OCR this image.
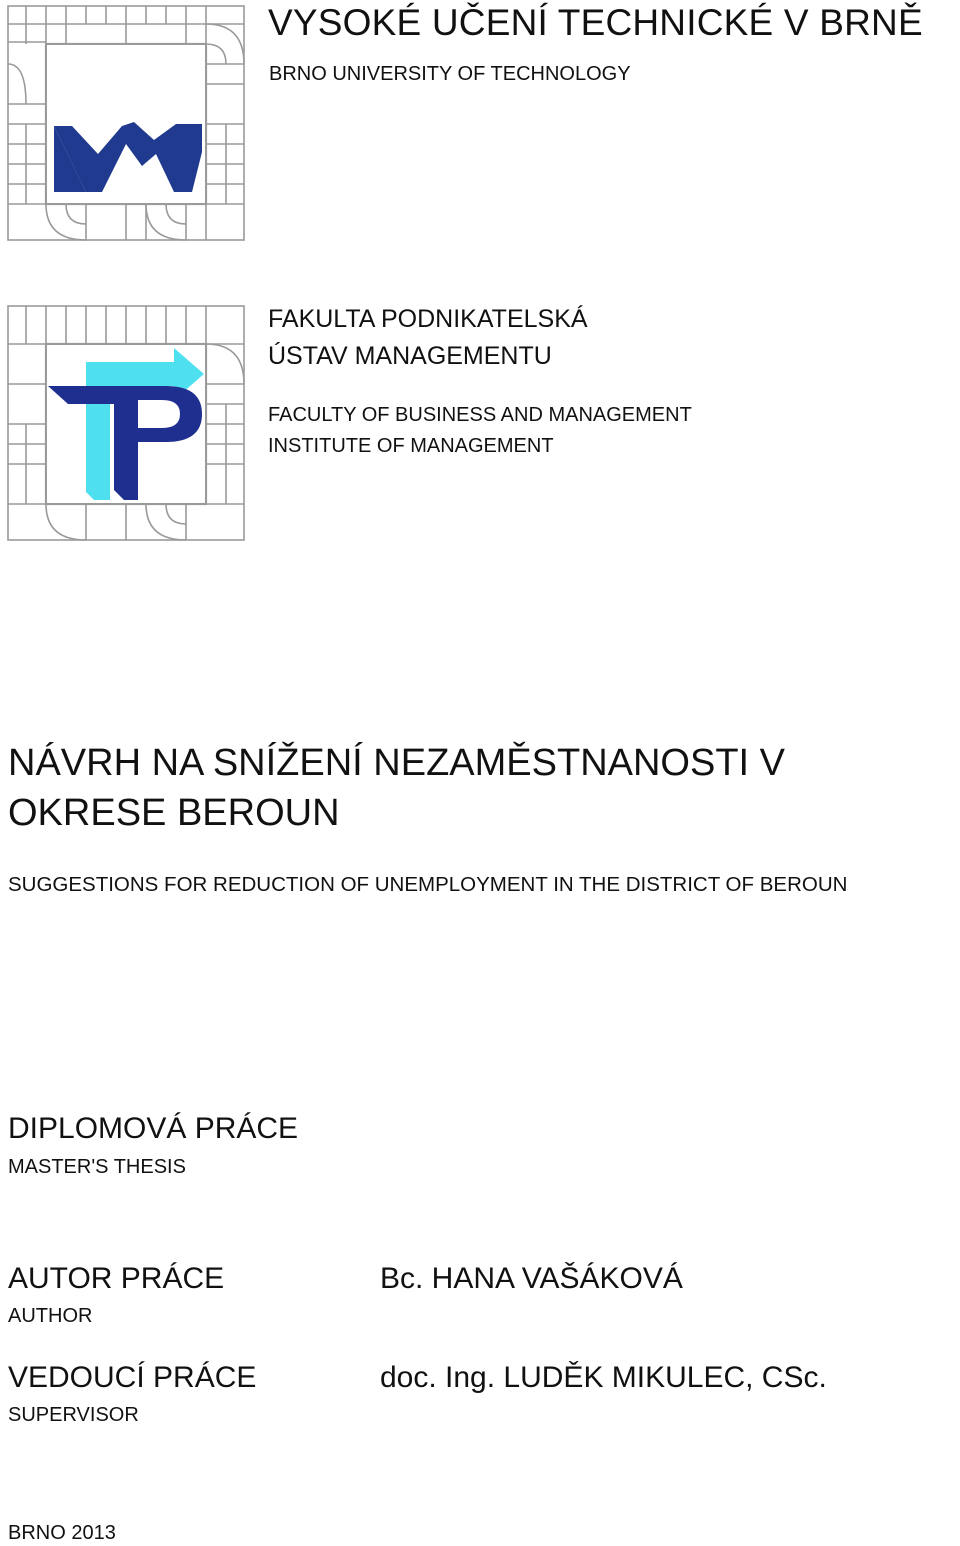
VYSOKÉ UČENÍ TECHNICKÉ V BRNĚ
BRNO UNIVERSITY OF TECHNOLOGY
FAKULTA PODNIKATELSKÁ
ÚSTAV MANAGEMENTU
FACULTY OF BUSINESS AND MANAGEMENT
INSTITUTE OF MANAGEMENT
NÁVRH NA SNÍŽENÍ NEZAMĚSTNANOSTI V
OKRESE BEROUN
SUGGESTIONS FOR REDUCTION OF UNEMPLOYMENT IN THE DISTRICT OF BEROUN
DIPLOMOVÁ PRÁCE
MASTER'S THESIS
AUTOR PRÁCE
AUTHOR
Bc. HANA VAŠÁKOVÁ
VEDOUCÍ PRÁCE
SUPERVISOR
doc. Ing. LUDĚK MIKULEC, CSc.
BRNO 2013
